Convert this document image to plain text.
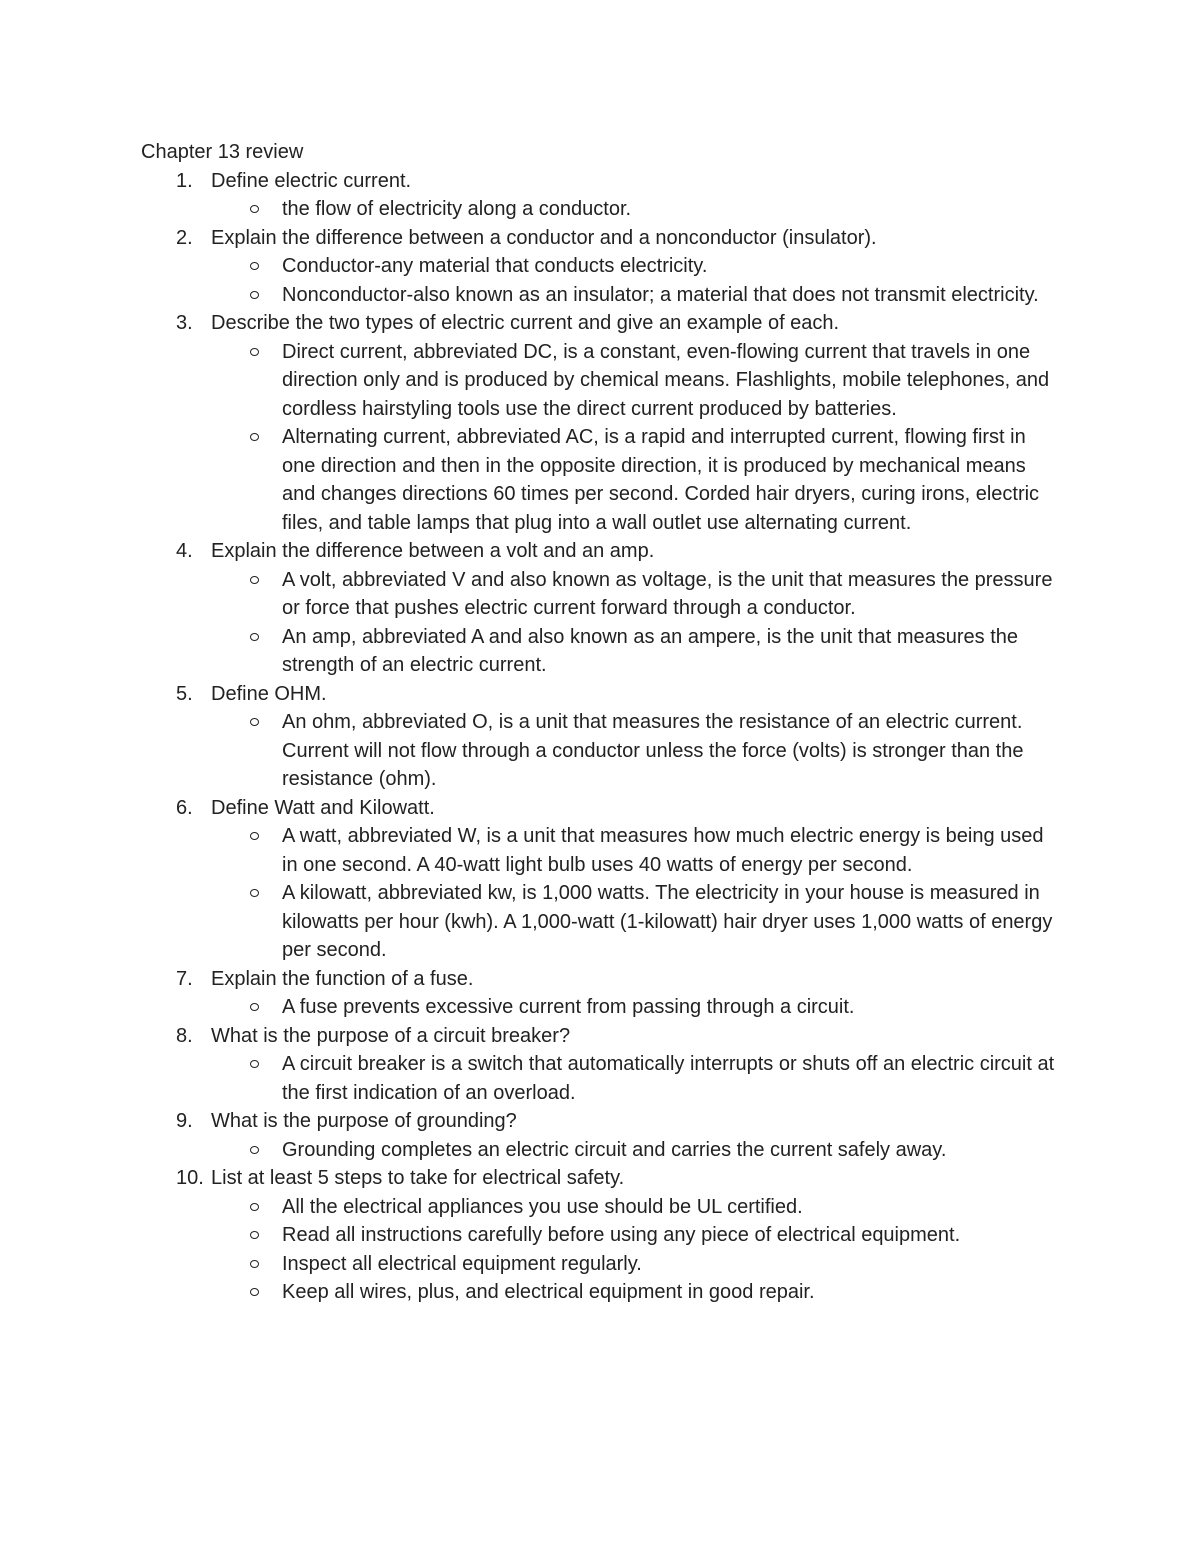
Chapter 13 review
1. Define electric current.
the flow of electricity along a conductor.
2. Explain the difference between a conductor and a nonconductor (insulator).
Conductor-any material that conducts electricity.
Nonconductor-also known as an insulator; a material that does not transmit electricity.
3. Describe the two types of electric current and give an example of each.
Direct current, abbreviated DC, is a constant, even-flowing current that travels in one direction only and is produced by chemical means. Flashlights, mobile telephones, and cordless hairstyling tools use the direct current produced by batteries.
Alternating current, abbreviated AC, is a rapid and interrupted current, flowing first in one direction and then in the opposite direction, it is produced by mechanical means and changes directions 60 times per second. Corded hair dryers, curing irons, electric files, and table lamps that plug into a wall outlet use alternating current.
4. Explain the difference between a volt and an amp.
A volt, abbreviated V and also known as voltage, is the unit that measures the pressure or force that pushes electric current forward through a conductor.
An amp, abbreviated A and also known as an ampere, is the unit that measures the strength of an electric current.
5. Define OHM.
An ohm, abbreviated O, is a unit that measures the resistance of an electric current. Current will not flow through a conductor unless the force (volts) is stronger than the resistance (ohm).
6. Define Watt and Kilowatt.
A watt, abbreviated W, is a unit that measures how much electric energy is being used in one second. A 40-watt light bulb uses 40 watts of energy per second.
A kilowatt, abbreviated kw, is 1,000 watts. The electricity in your house is measured in kilowatts per hour (kwh). A 1,000-watt (1-kilowatt) hair dryer uses 1,000 watts of energy per second.
7. Explain the function of a fuse.
A fuse prevents excessive current from passing through a circuit.
8. What is the purpose of a circuit breaker?
A circuit breaker is a switch that automatically interrupts or shuts off an electric circuit at the first indication of an overload.
9. What is the purpose of grounding?
Grounding completes an electric circuit and carries the current safely away.
10. List at least 5 steps to take for electrical safety.
All the electrical appliances you use should be UL certified.
Read all instructions carefully before using any piece of electrical equipment.
Inspect all electrical equipment regularly.
Keep all wires, plus, and electrical equipment in good repair.
